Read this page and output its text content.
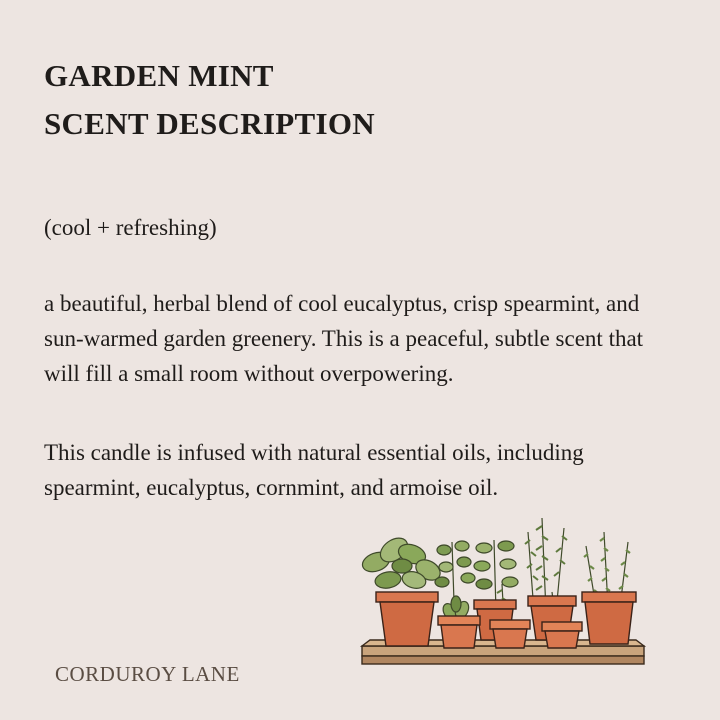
GARDEN MINT
SCENT DESCRIPTION

(cool + refreshing)

a beautiful, herbal blend of cool eucalyptus, crisp spearmint, and sun-warmed garden greenery. This is a peaceful, subtle scent that will fill a small room without overpowering.

This candle is infused with natural essential oils, including spearmint, eucalyptus, cornmint, and armoise oil.

CORDUROY LANE
